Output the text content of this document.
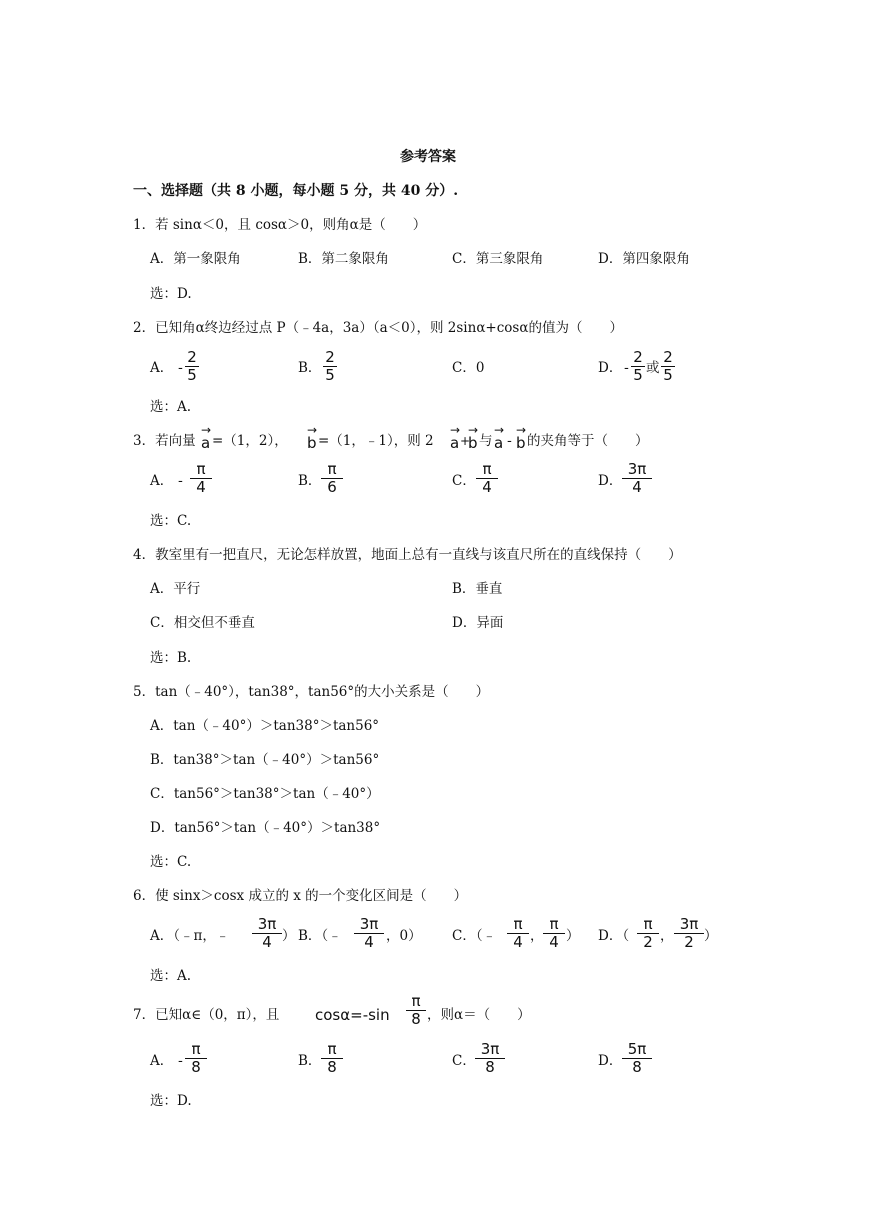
参考答案
一、选择题（共 8 小题，每小题 5 分，共 40 分）.
1．若 sinα＜0，且 cosα＞0，则角α是（　　）
A．第一象限角	B．第二象限角	C．第三象限角	D．第四象限角
选：D.
2．已知角α终边经过点 P（﹣4a，3a）（a＜0），则 2sinα+cosα的值为（　　）
A． -
2
5	B．
2
5	C．0	D． -
2
5 或
2
5
选：A.
3．若向量
→
a =（1，2），
→
b =（1，﹣1），则 2
→
a +
→
b 与
→
a -
→
b 的夹角等于（　　）
A． -
π
4	B．
π
6	C．
π
4	D．
3π
4
选：C.
4．教室里有一把直尺，无论怎样放置，地面上总有一直线与该直尺所在的直线保持（　　）
A．平行	B．垂直
C．相交但不垂直	D．异面
选：B.
5．tan（﹣40°），tan38°，tan56°的大小关系是（　　）
A．tan（﹣40°）＞tan38°＞tan56°
B．tan38°＞tan（﹣40°）＞tan56°
C．tan56°＞tan38°＞tan（﹣40°）
D．tan56°＞tan（﹣40°）＞tan38°
选：C.
6．使 sinx＞cosx 成立的 x 的一个变化区间是（　　）
A．（﹣π，﹣
3π
4 ） B．（﹣
3π
4 ，0） C．（﹣
π
4 ，
π
4 ） D．（
π
2 ，
3π
2 ）
选：A.
7．已知α∈（0，π），且 cosα=-sin
π
8 ，则α＝（　　）
A． -
π
8	B．
π
8	C．
3π
8	D．
5π
8
选：D.
